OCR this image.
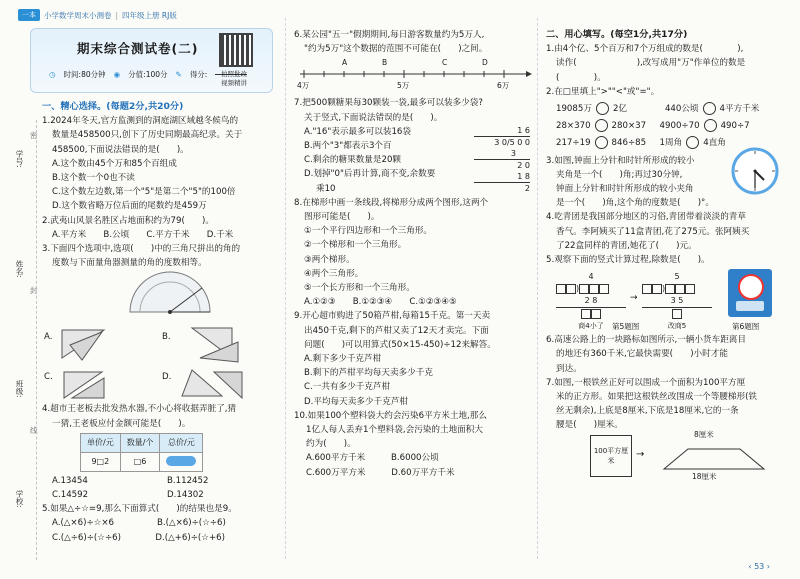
一本	小学数学周末小测卷 | 四年级上册 RJ版
学号:
姓名:
班级:
学校:
密
封
线
期末综合测试卷(二)
◷ 时间:80分钟 ◉ 分值:100分 ✎ 得分: 拍照批改
视频精讲
一、精心选择。(每题2分,共20分)
1.2024年冬天,官方监测到的洞庭湖区域越冬候鸟的
数量是458500只,创下了历史同期最高纪录。关于
458500,下面说法错误的是(　　)。
A.这个数由45个万和85个百组成
B.这个数一个0也不读
C.这个数左边数,第一个"5"是第二个"5"的100倍
D.这个数省略万位后面的尾数约是459万
2.武夷山风景名胜区占地面积约为79(　　)。
A.平方米　　B.公顷　　C.平方千米　　D.千米
3.下面四个选项中,选项(　　)中的三角尺拼出的角的
度数与下面量角器测量的角的度数相等。
A.	B.
C.	D.
4.超市王老板去批发热水器,不小心将收据弄脏了,猜
一猜,王老板应付金额可能是(　　)。
单价/元	数量/个	总价/元
9□2	□6	
A.13454	B.112452
C.14592	D.14302
5.如果△÷☆=9,那么下面算式(　　)的结果也是9。
A.(△×6)÷☆×6　　　　　B.(△×6)÷(☆÷6)
C.(△÷6)÷(☆÷6)　　　　D.(△+6)÷(☆+6)
6.某公园"五一"假期期间,每日游客数量约为5万人,
"约为5万"这个数据的范围不可能在(　　)之间。
4万	5万	6万
A	B	C	D
7.把500颗糖果每30颗装一袋,最多可以装多少袋?
关于竖式,下面说法错误的是(　　)。
A."16"表示最多可以装16袋
B.两个"3"都表示3个百
C.剩余的糖果数量是20颗
D.划掉"0"后再计算,商不变,余数要
乘10
1 6
3 0/5 0 0
3
2 0
1 8
2
8.在梯形中画一条线段,将梯形分成两个图形,这两个
图形可能是(　　)。
①一个平行四边形和一个三角形。
②一个梯形和一个三角形。
③两个梯形。
④两个三角形。
⑤一个长方形和一个三角形。
A.①②③　　B.①②③④　　C.①②③④⑤
9.开心超市购进了50箱芦柑,每箱15千克。第一天卖
出450千克,剩下的芦柑又卖了12天才卖完。下面
问题(　　)可以用算式(50×15-450)÷12来解答。
A.剩下多少千克芦柑
B.剩下的芦柑平均每天卖多少千克
C.一共有多少千克芦柑
D.平均每天卖多少千克芦柑
10.如果100个塑料袋大约会污染6平方米土地,那么
1亿人每人丢弃1个塑料袋,会污染的土地面积大
约为(　　)。
A.600平方千米　　　B.6000公顷
C.600万平方米　　　D.60万平方千米
二、用心填写。(每空1分,共17分)
1.由4个亿、5个百万和7个万组成的数是(　　　　),
读作(　　　　　　　),改写成用"万"作单位的数是
(　　　　)。
2.在□里填上">""<"或"="。
19085万 2亿	440公顷 4平方千米
28×370 280×37	4900÷70 490÷7
217÷19 846÷85	1周角 4直角
3.如图,钟面上分针和时针所形成的较小
夹角是一个(　　)角;再过30分钟,
钟面上分针和时针所形成的较小夹角
是一个(　　)角,这个角的度数是(　　)°。
4.吃青团是我国部分地区的习俗,青团带着淡淡的青草
香气。李阿姨买了11盒青团,花了275元。张阿姨买
了22盒同样的青团,她花了(　　)元。
5.观察下面的竖式计算过程,除数是(　　)。
4
)
2 8
商4小了
→
5
)
3 5
改商5
第5题图	第6题图
6.高速公路上的一块路标如图所示,一辆小货车距离目
的地还有360千米,它最快需要(　　)小时才能
到达。
7.如图,一根铁丝正好可以围成一个面积为100平方厘
米的正方形。如果把这根铁丝改围成一个等腰梯形(铁
丝无剩余),上底是8厘米,下底是18厘米,它的一条
腰是(　　)厘米。
100平方厘米
→
8厘米
18厘米
‹ 53 ›
